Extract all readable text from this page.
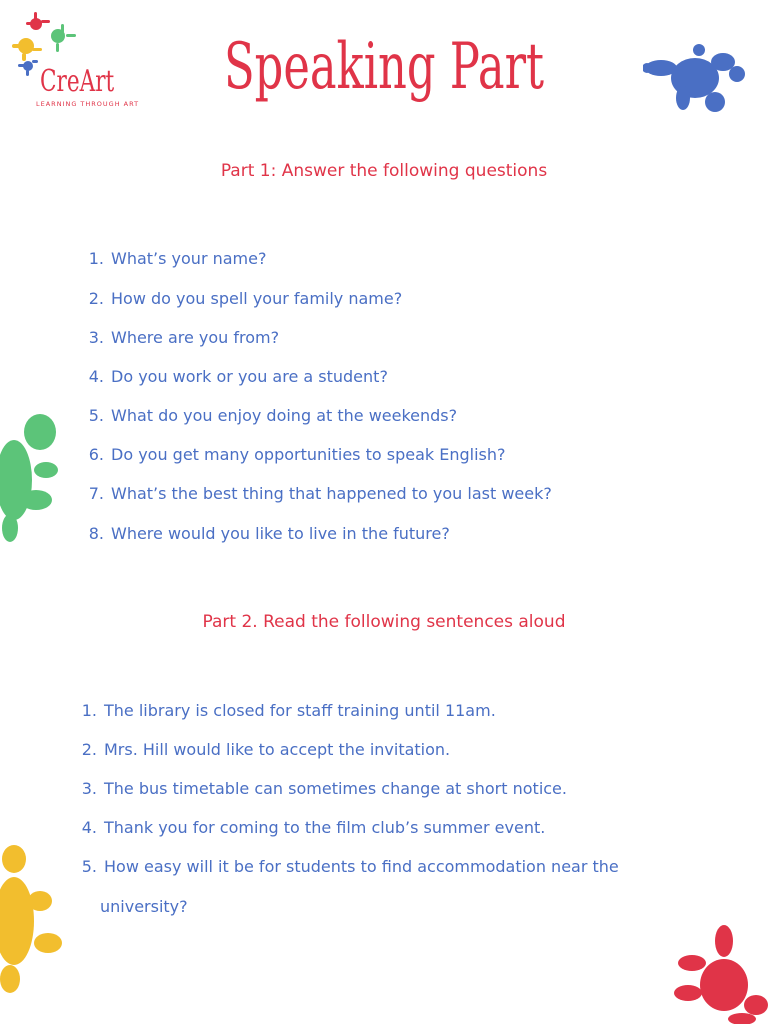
CreArt
LEARNING THROUGH ART	Speaking Part
Part 1: Answer the following questions
1. What’s your name?
2. How do you spell your family name?
3. Where are you from?
4. Do you work or you are a student?
5. What do you enjoy doing at the weekends?
6. Do you get many opportunities to speak English?
7. What’s the best thing that happened to you last week?
8. Where would you like to live in the future?
Part 2. Read the following sentences aloud
1. The library is closed for staff training until 11am.
2. Mrs. Hill would like to accept the invitation.
3. The bus timetable can sometimes change at short notice.
4. Thank you for coming to the film club’s summer event.
5. How easy will it be for students to find accommodation near the
university?
